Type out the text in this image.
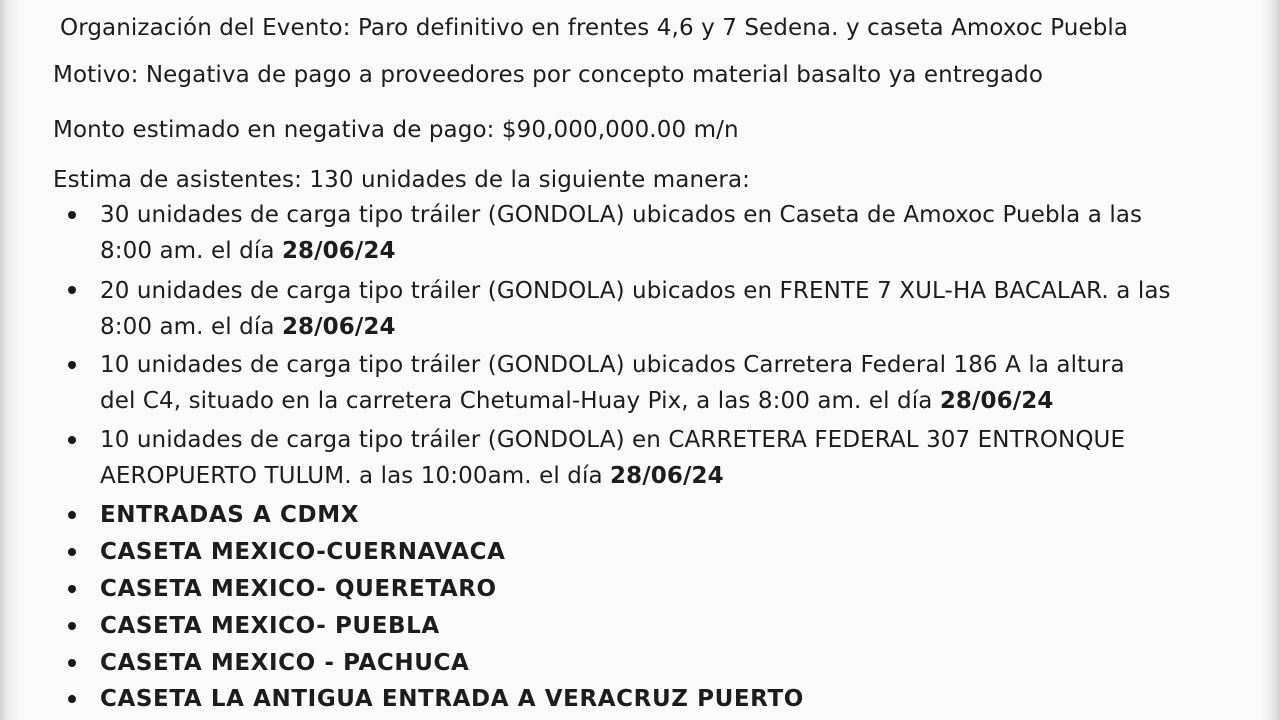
Organización del Evento: Paro definitivo en frentes 4,6 y 7 Sedena. y caseta Amoxoc Puebla
Motivo: Negativa de pago a proveedores por concepto material basalto ya entregado
Monto estimado en negativa de pago: $90,000,000.00 m/n
Estima de asistentes: 130 unidades de la siguiente manera:
30 unidades de carga tipo tráiler (GONDOLA) ubicados en Caseta de Amoxoc Puebla a las
8:00 am. el día 28/06/24
20 unidades de carga tipo tráiler (GONDOLA) ubicados en FRENTE 7 XUL-HA BACALAR. a las
8:00 am. el día 28/06/24
10 unidades de carga tipo tráiler (GONDOLA) ubicados Carretera Federal 186 A la altura
del C4, situado en la carretera Chetumal-Huay Pix, a las 8:00 am. el día 28/06/24
10 unidades de carga tipo tráiler (GONDOLA) en CARRETERA FEDERAL 307 ENTRONQUE
AEROPUERTO TULUM. a las 10:00am. el día 28/06/24
ENTRADAS A CDMX
CASETA MEXICO-CUERNAVACA
CASETA MEXICO- QUERETARO
CASETA MEXICO- PUEBLA
CASETA MEXICO - PACHUCA
CASETA LA ANTIGUA ENTRADA A VERACRUZ PUERTO
